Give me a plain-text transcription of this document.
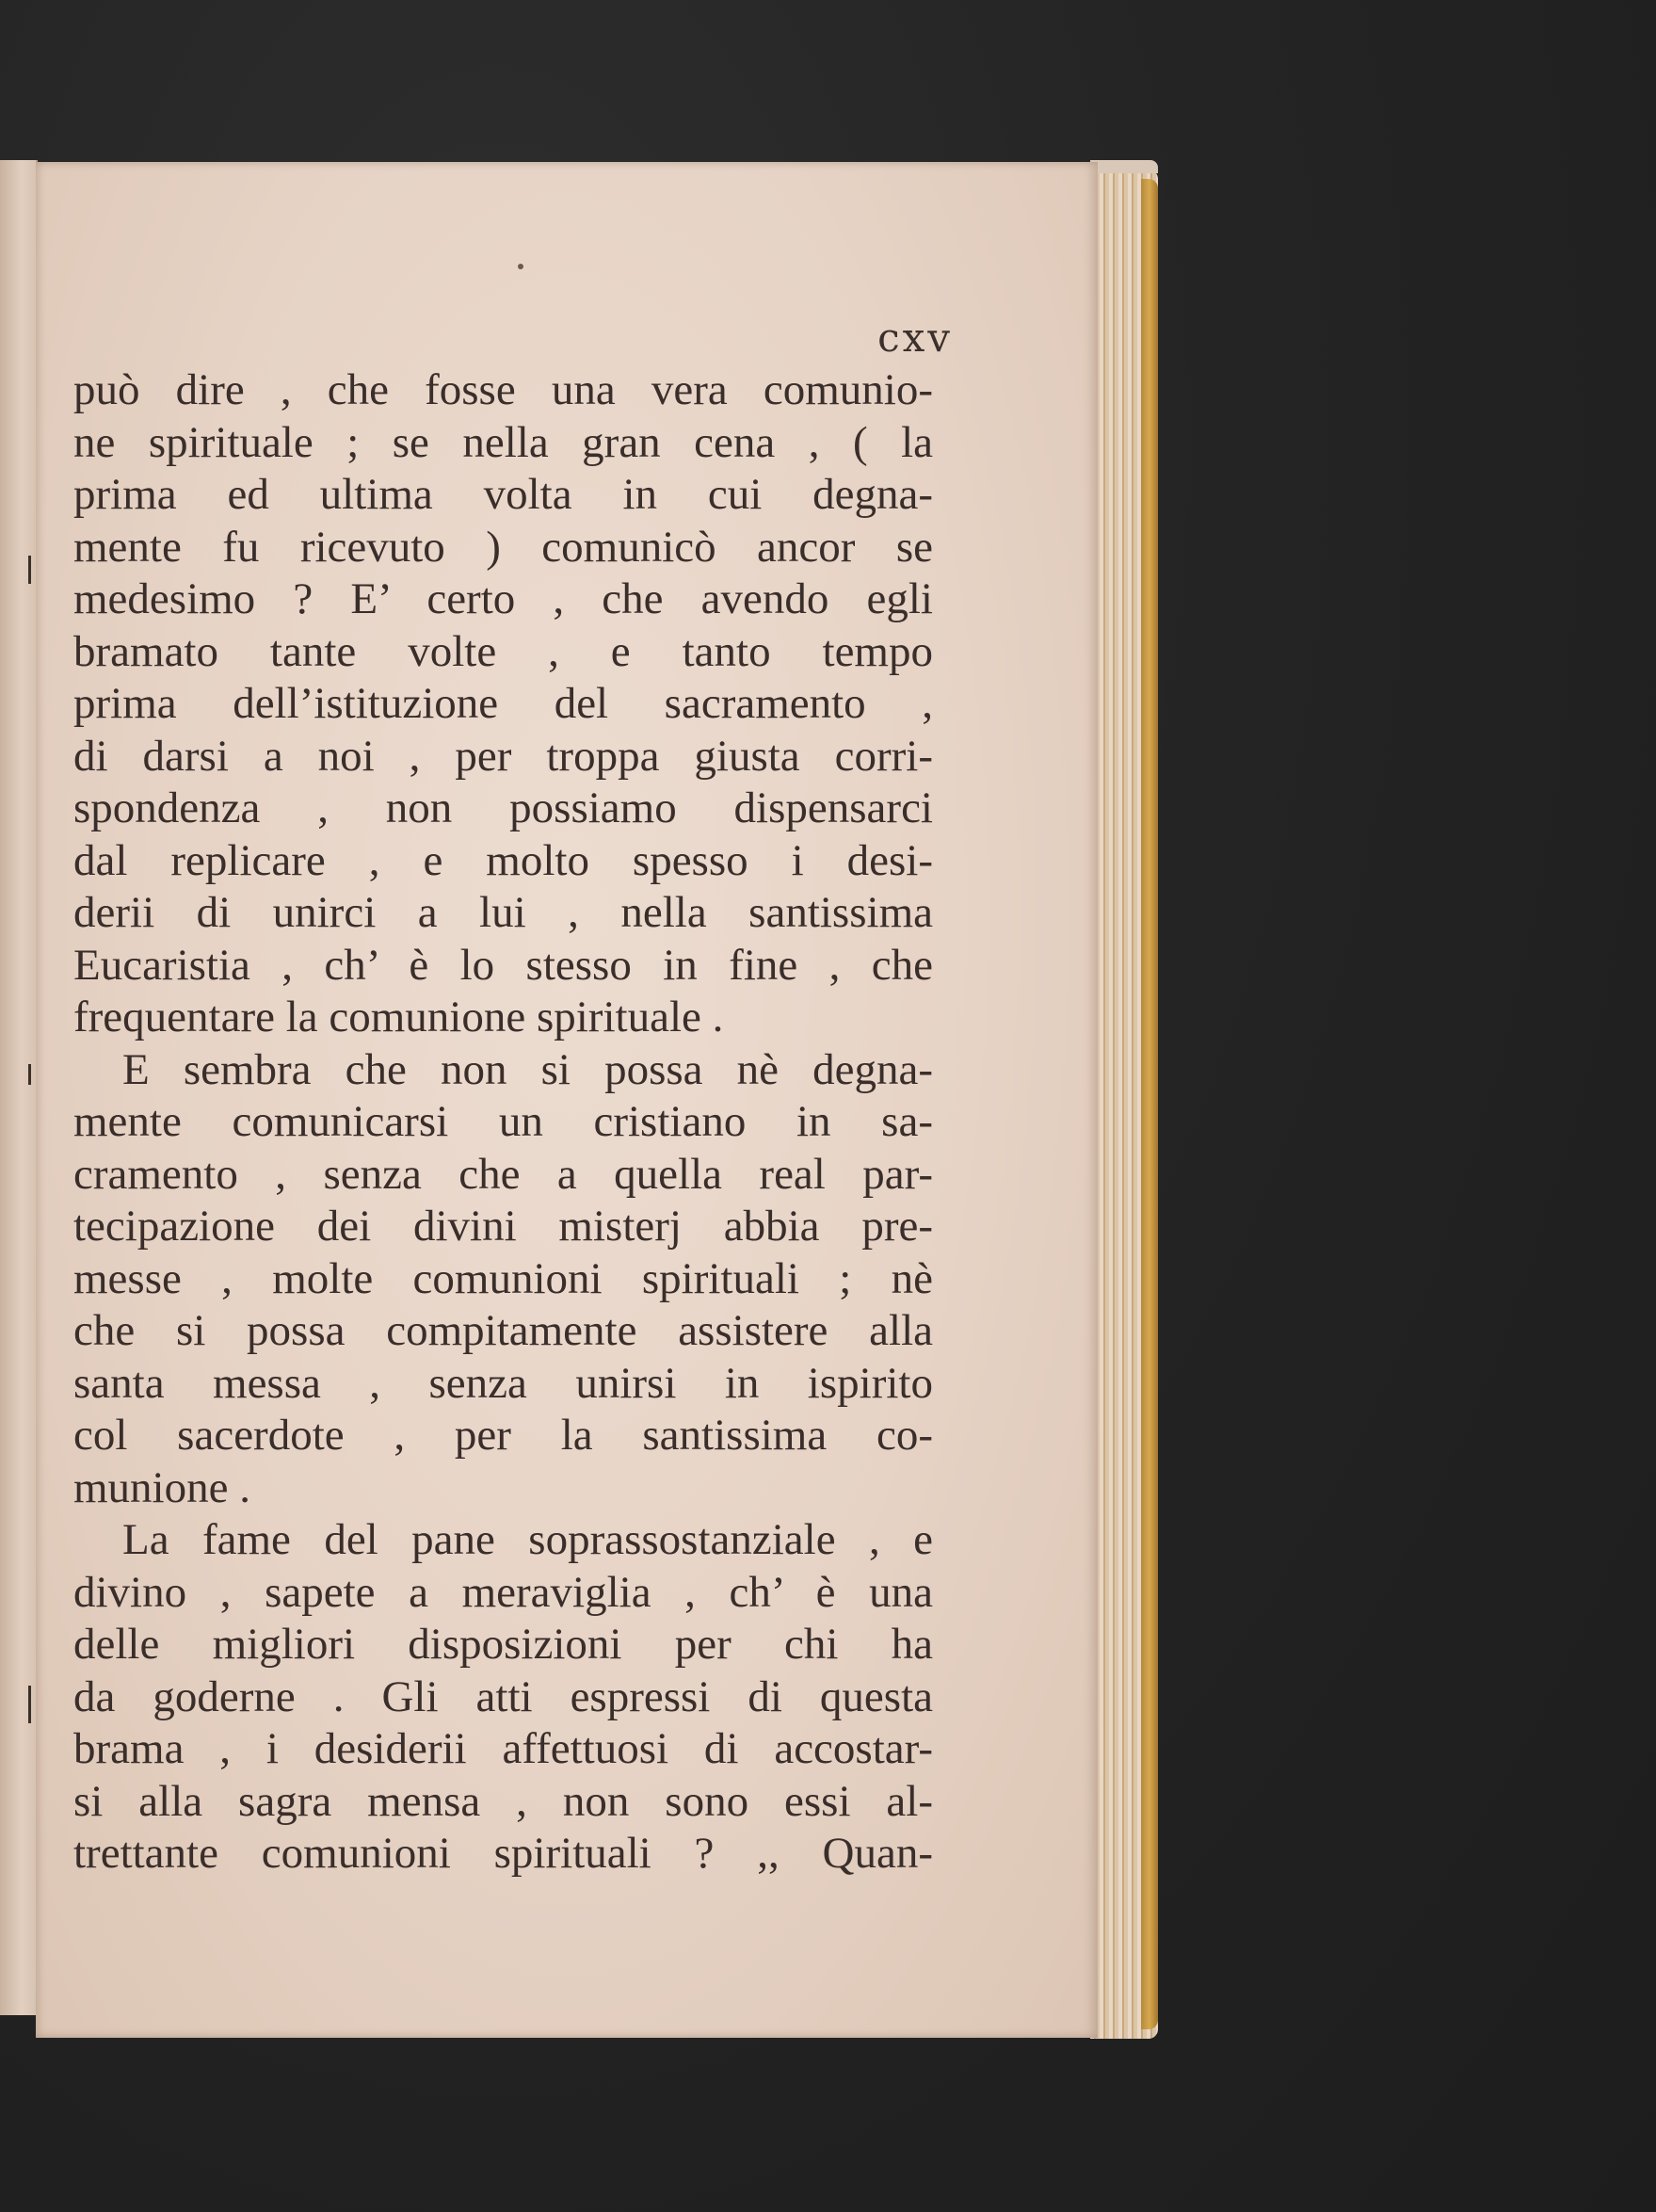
cxv
può dire , che fosse una vera comunio-
ne spirituale ; se nella gran cena , ( la
prima ed ultima volta in cui degna-
mente fu ricevuto ) comunicò ancor se
medesimo ? E’ certo , che avendo egli
bramato tante volte , e tanto tempo
prima dell’istituzione del sacramento ,
di darsi a noi , per troppa giusta corri-
spondenza , non possiamo dispensarci
dal replicare , e molto spesso i desi-
derii di unirci a lui , nella santissima
Eucaristia , ch’ è lo stesso in fine , che
frequentare la comunione spirituale .
E sembra che non si possa nè degna-
mente comunicarsi un cristiano in sa-
cramento , senza che a quella real par-
tecipazione dei divini misterj abbia pre-
messe , molte comunioni spirituali ; nè
che si possa compitamente assistere alla
santa messa , senza unirsi in ispirito
col sacerdote , per la santissima co-
munione .
La fame del pane soprassostanziale , e
divino , sapete a meraviglia , ch’ è una
delle migliori disposizioni per chi ha
da goderne . Gli atti espressi di questa
brama , i desiderii affettuosi di accostar-
si alla sagra mensa , non sono essi al-
trettante comunioni spirituali ? ,, Quan-
